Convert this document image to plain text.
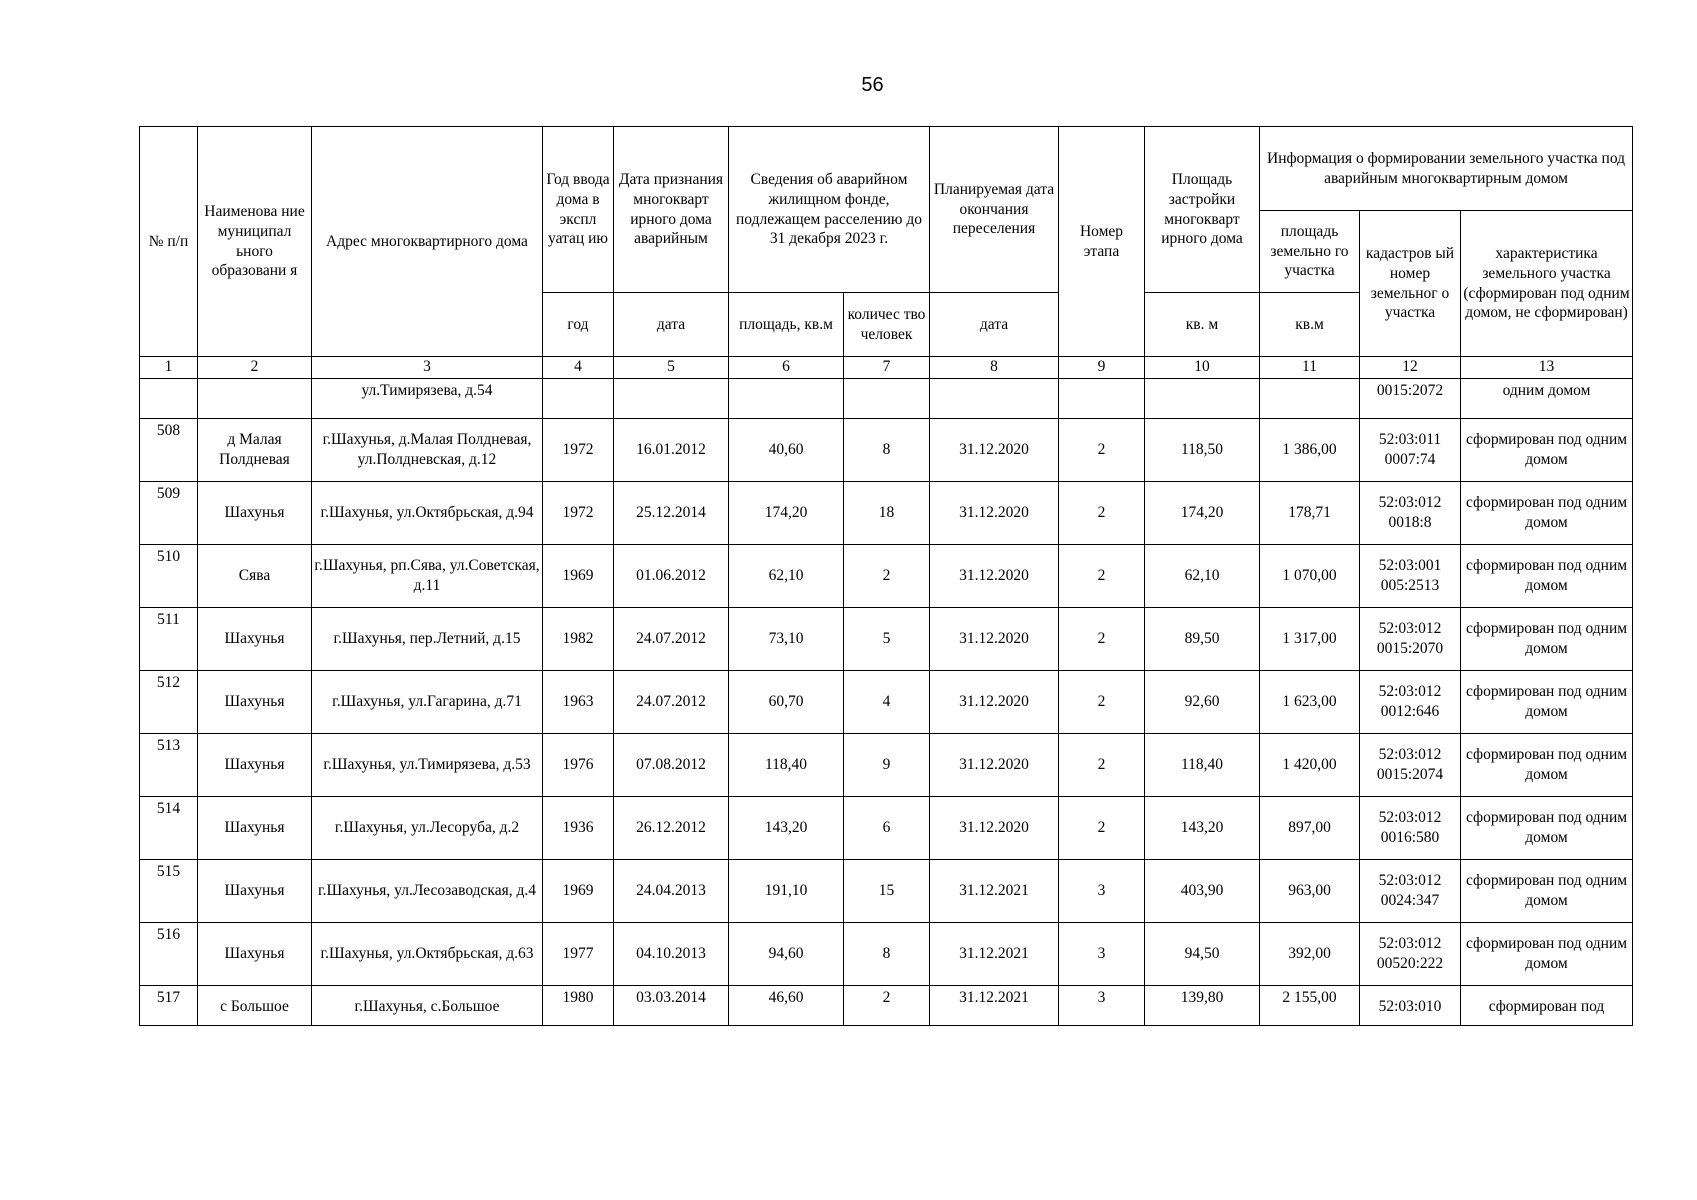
56
№ п/п	Наименова ние муниципал ьного образовани я	Адрес многоквартирного дома	Год ввода дома в экспл уатац ию	Дата признания многокварт ирного дома аварийным	Сведения об аварийном жилищном фонде, подлежащем расселению до 31 декабря 2023 г.		Планируемая дата окончания переселения	Номер этапа	Площадь застройки многокварт ирного дома	Информация о формировании земельного участка под аварийным многоквартирным домом		
										площадь земельно го участка	кадастров ый номер земельног о участка	характеристика земельного участка (сформирован под одним домом, не сформирован)
			год	дата	площадь, кв.м	количес тво человек	дата		кв. м	кв.м		
1	2	3	4	5	6	7	8	9	10	11	12	13
		ул.Тимирязева, д.54									0015:2072	одним домом
508	д Малая Полдневая	г.Шахунья, д.Малая Полдневая, ул.Полдневская, д.12	1972	16.01.2012	40,60	8	31.12.2020	2	118,50	1 386,00	52:03:011 0007:74	сформирован под одним домом
509	Шахунья	г.Шахунья, ул.Октябрьская, д.94	1972	25.12.2014	174,20	18	31.12.2020	2	174,20	178,71	52:03:012 0018:8	сформирован под одним домом
510	Сява	г.Шахунья, рп.Сява, ул.Советская, д.11	1969	01.06.2012	62,10	2	31.12.2020	2	62,10	1 070,00	52:03:001 005:2513	сформирован под одним домом
511	Шахунья	г.Шахунья, пер.Летний, д.15	1982	24.07.2012	73,10	5	31.12.2020	2	89,50	1 317,00	52:03:012 0015:2070	сформирован под одним домом
512	Шахунья	г.Шахунья, ул.Гагарина, д.71	1963	24.07.2012	60,70	4	31.12.2020	2	92,60	1 623,00	52:03:012 0012:646	сформирован под одним домом
513	Шахунья	г.Шахунья, ул.Тимирязева, д.53	1976	07.08.2012	118,40	9	31.12.2020	2	118,40	1 420,00	52:03:012 0015:2074	сформирован под одним домом
514	Шахунья	г.Шахунья, ул.Лесоруба, д.2	1936	26.12.2012	143,20	6	31.12.2020	2	143,20	897,00	52:03:012 0016:580	сформирован под одним домом
515	Шахунья	г.Шахунья, ул.Лесозаводская, д.4	1969	24.04.2013	191,10	15	31.12.2021	3	403,90	963,00	52:03:012 0024:347	сформирован под одним домом
516	Шахунья	г.Шахунья, ул.Октябрьская, д.63	1977	04.10.2013	94,60	8	31.12.2021	3	94,50	392,00	52:03:012 00520:222	сформирован под одним домом
517	с Большое	г.Шахунья, с.Большое	1980	03.03.2014	46,60	2	31.12.2021	3	139,80	2 155,00	52:03:010	сформирован под
